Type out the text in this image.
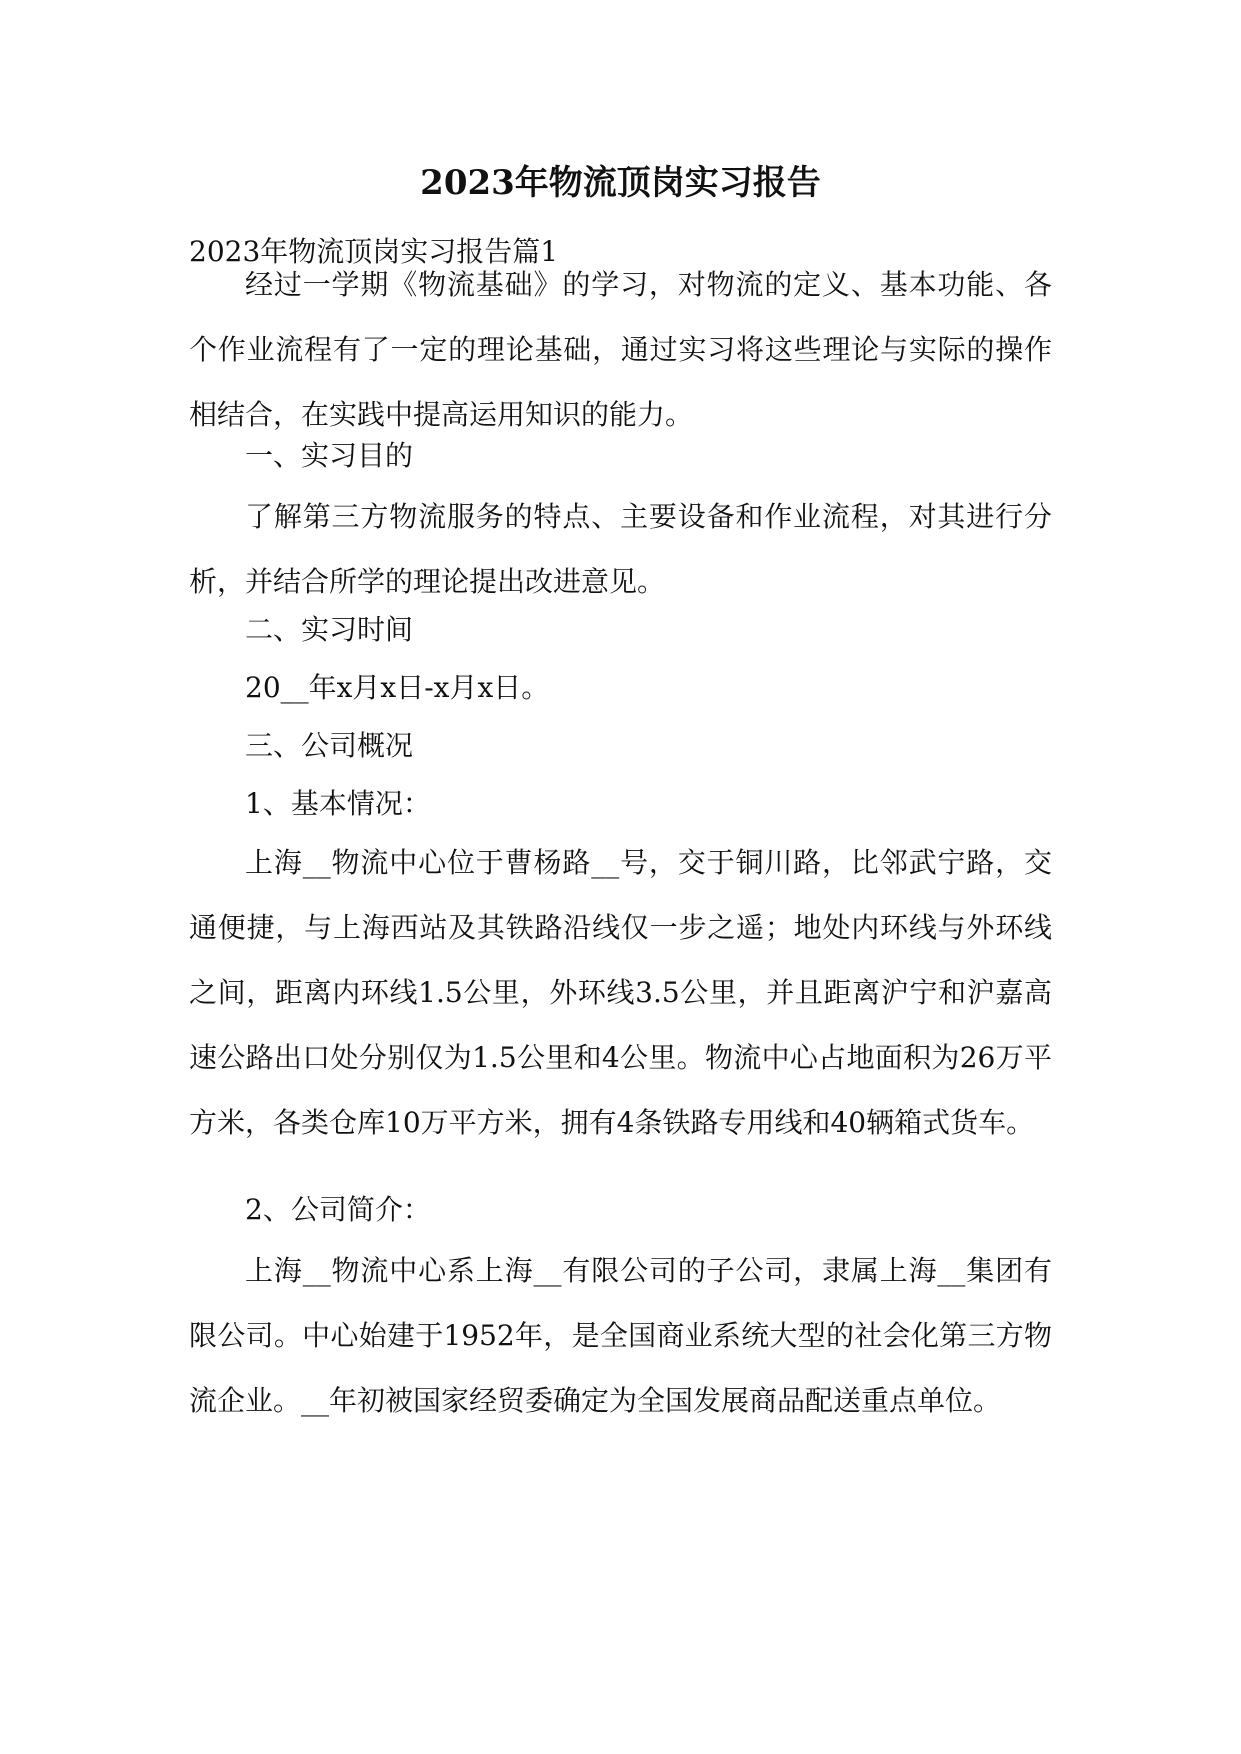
2023年物流顶岗实习报告
2023年物流顶岗实习报告篇1

经过一学期《物流基础》的学习，对物流的定义、基本功能、各个作业流程有了一定的理论基础，通过实习将这些理论与实际的操作相结合，在实践中提高运用知识的能力。

一、实习目的

了解第三方物流服务的特点、主要设备和作业流程，对其进行分析，并结合所学的理论提出改进意见。

二、实习时间

20__年x月x日-x月x日。

三、公司概况

1、基本情况：

上海__物流中心位于曹杨路__号，交于铜川路，比邻武宁路，交通便捷，与上海西站及其铁路沿线仅一步之遥；地处内环线与外环线之间，距离内环线1.5公里，外环线3.5公里，并且距离沪宁和沪嘉高速公路出口处分别仅为1.5公里和4公里。物流中心占地面积为26万平方米，各类仓库10万平方米，拥有4条铁路专用线和40辆箱式货车。

2、公司简介：

上海__物流中心系上海__有限公司的子公司，隶属上海__集团有限公司。中心始建于1952年，是全国商业系统大型的社会化第三方物流企业。__年初被国家经贸委确定为全国发展商品配送重点单位。
